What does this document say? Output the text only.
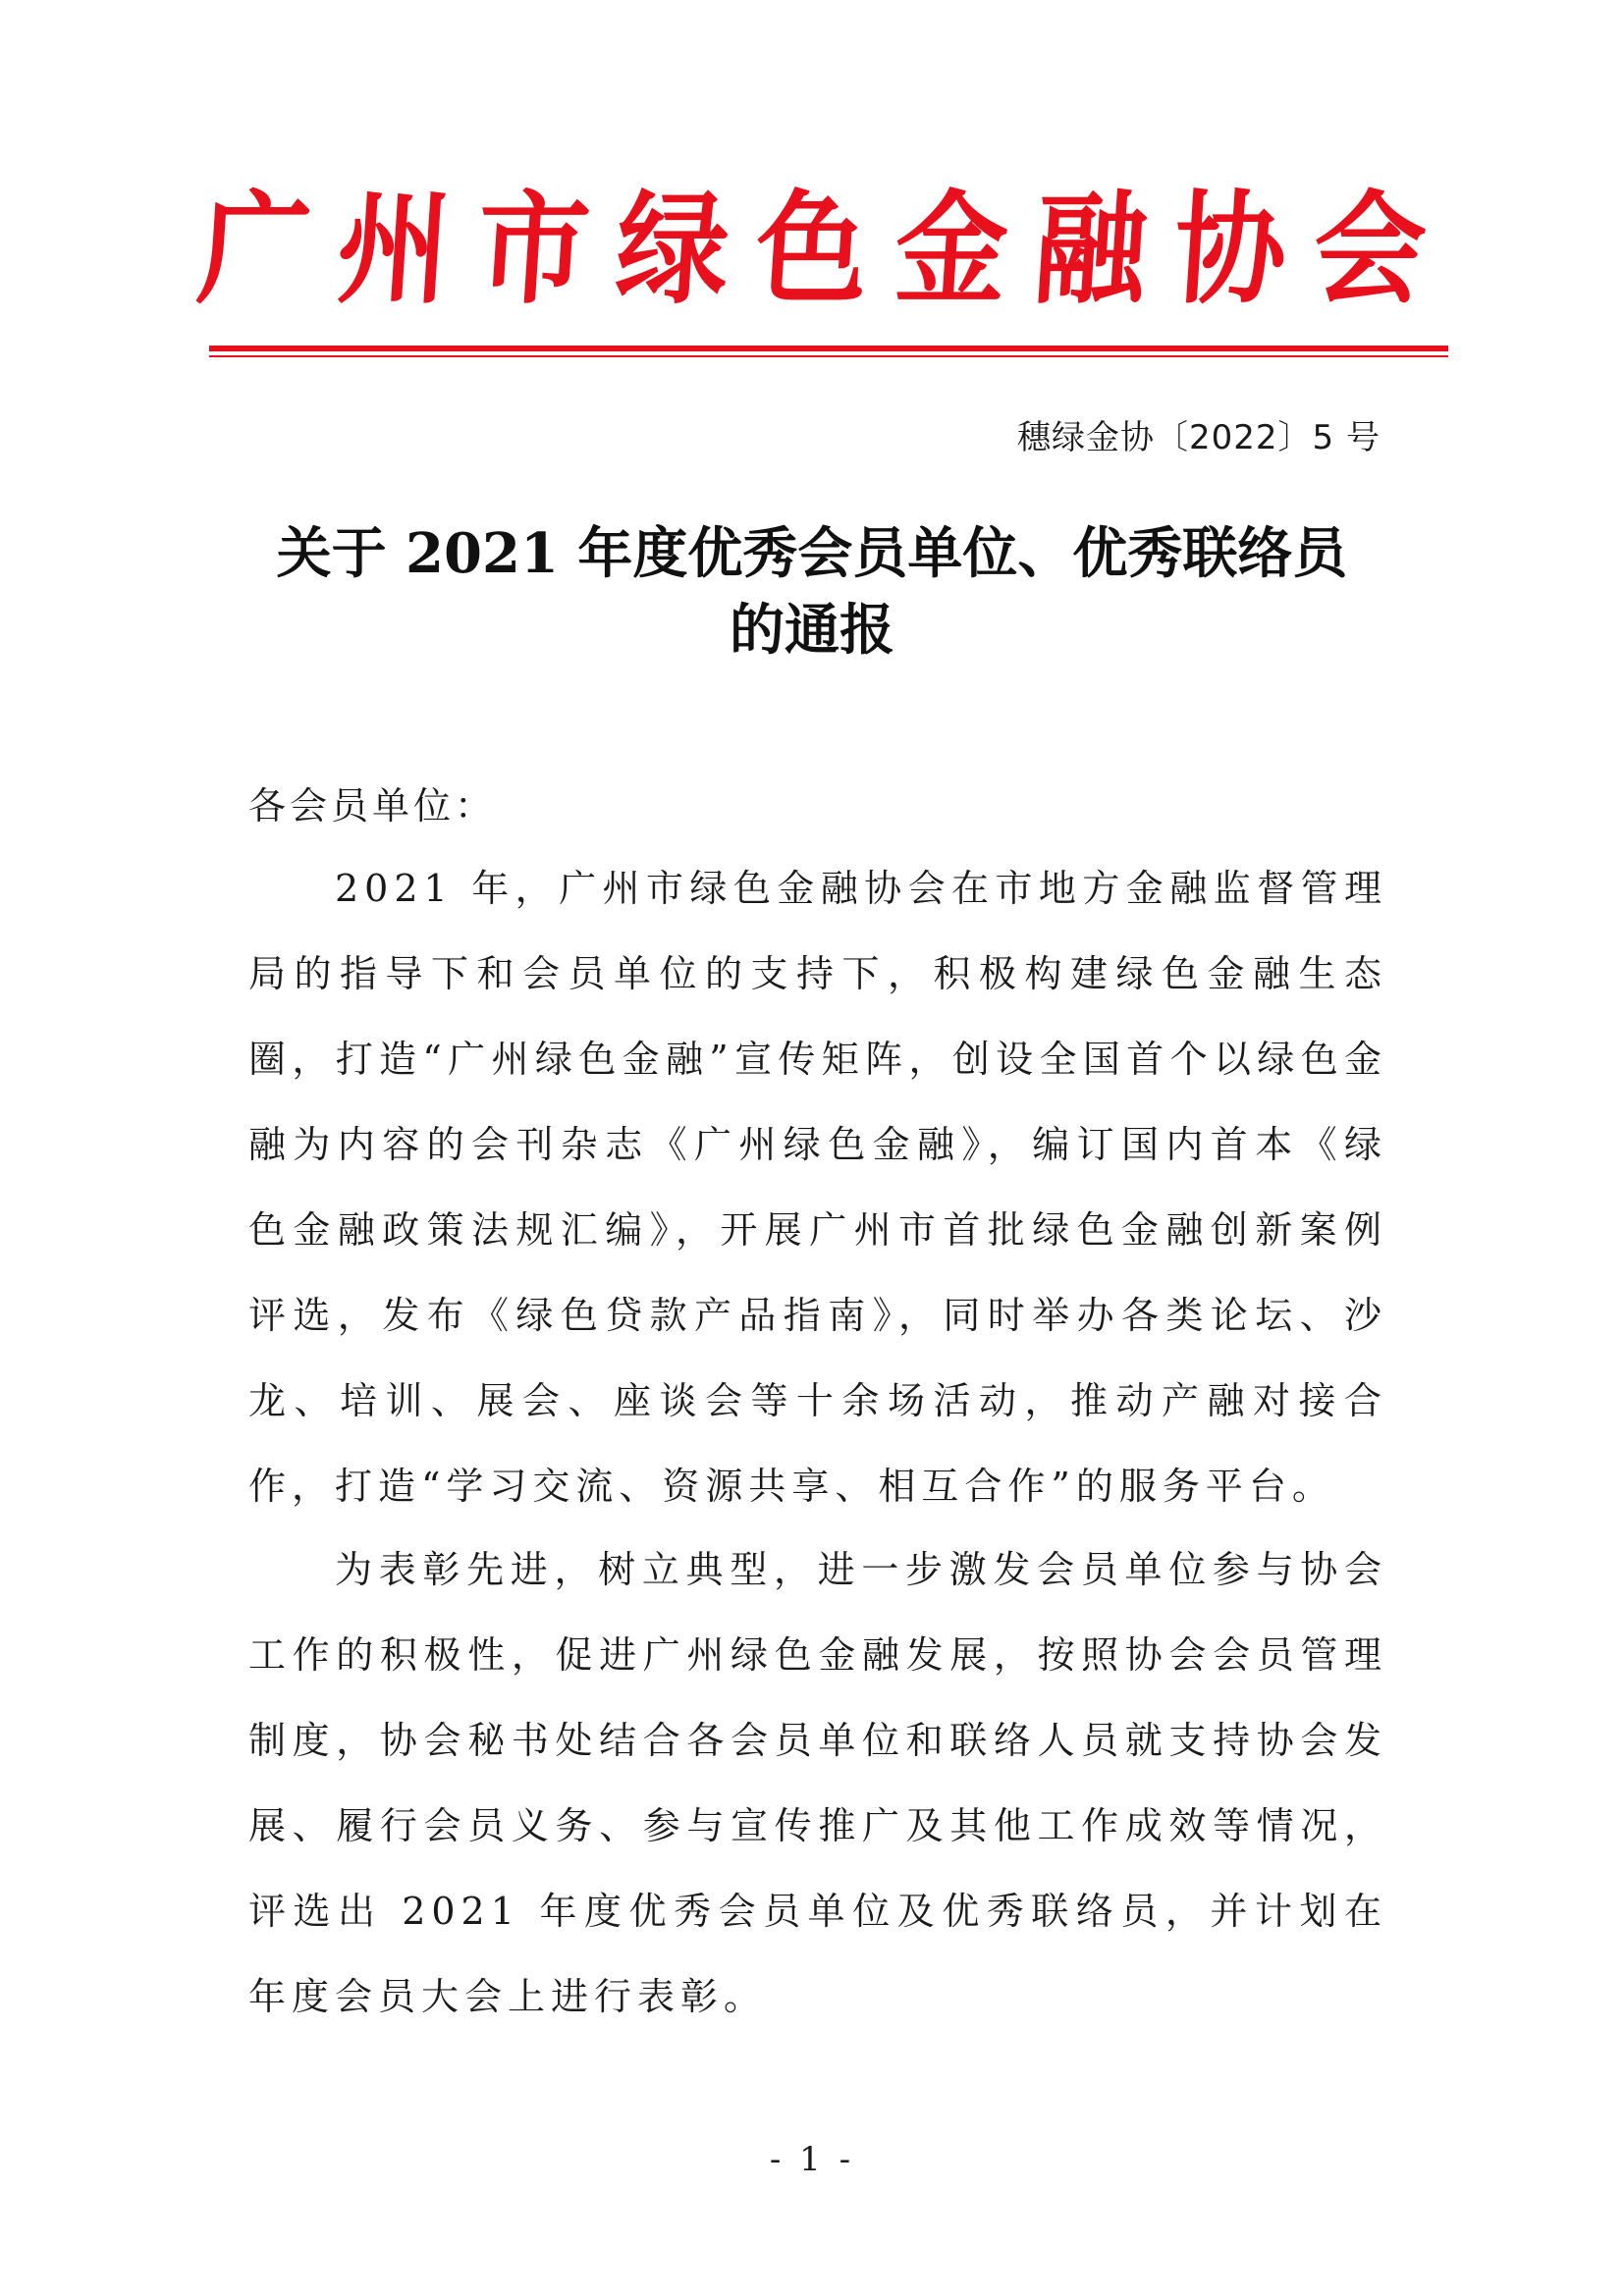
广 州 市 绿 色 金 融 协 会
穗绿金协〔2022〕5 号
关于 2021 年度优秀会员单位、优秀联络员
的通报
各会员单位：

2021 年，广州市绿色金融协会在市地方金融监督管理局的指导下和会员单位的支持下，积极构建绿色金融生态圈，打造“广州绿色金融”宣传矩阵，创设全国首个以绿色金融为内容的会刊杂志《广州绿色金融》，编订国内首本《绿色金融政策法规汇编》，开展广州市首批绿色金融创新案例评选，发布《绿色贷款产品指南》，同时举办各类论坛、沙龙、培训、展会、座谈会等十余场活动，推动产融对接合作，打造“学习交流、资源共享、相互合作”的服务平台。

为表彰先进，树立典型，进一步激发会员单位参与协会工作的积极性，促进广州绿色金融发展，按照协会会员管理制度，协会秘书处结合各会员单位和联络人员就支持协会发展、履行会员义务、参与宣传推广及其他工作成效等情况，评选出 2021 年度优秀会员单位及优秀联络员，并计划在年度会员大会上进行表彰。

- 1 -
